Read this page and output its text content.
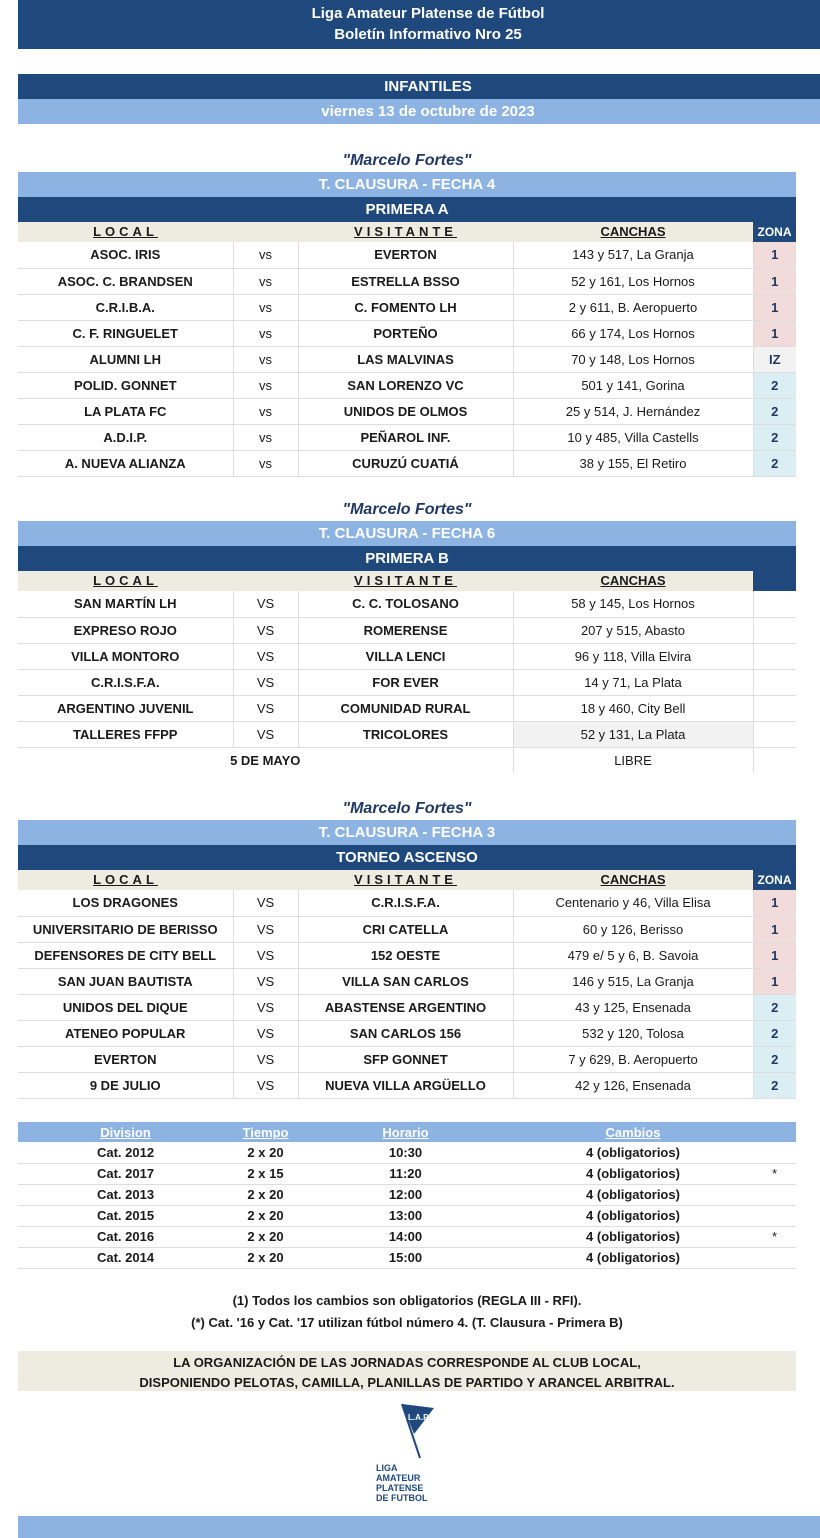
Liga Amateur Platense de Fútbol
Boletín Informativo Nro 25
INFANTILES
viernes 13 de octubre de 2023
"Marcelo Fortes"
T. CLAUSURA - FECHA 4
PRIMERA A
LOCAL		VISITANTE	CANCHAS	ZONA
ASOC. IRIS	vs	EVERTON	143 y 517, La Granja	1
ASOC. C. BRANDSEN	vs	ESTRELLA BSSO	52 y 161, Los Hornos	1
C.R.I.B.A.	vs	C. FOMENTO LH	2 y 611, B. Aeropuerto	1
C. F. RINGUELET	vs	PORTEÑO	66 y 174, Los Hornos	1
ALUMNI LH	vs	LAS MALVINAS	70 y 148, Los Hornos	IZ
POLID. GONNET	vs	SAN LORENZO VC	501 y 141, Gorina	2
LA PLATA FC	vs	UNIDOS DE OLMOS	25 y 514, J. Hernández	2
A.D.I.P.	vs	PEÑAROL INF.	10 y 485, Villa Castells	2
A. NUEVA ALIANZA	vs	CURUZÚ CUATIÁ	38 y 155, El Retiro	2
"Marcelo Fortes"
T. CLAUSURA - FECHA 6
PRIMERA B
LOCAL		VISITANTE	CANCHAS	
SAN MARTÍN LH	VS	C. C. TOLOSANO	58 y 145, Los Hornos	
EXPRESO ROJO	VS	ROMERENSE	207 y 515, Abasto	
VILLA MONTORO	VS	VILLA LENCI	96 y 118, Villa Elvira	
C.R.I.S.F.A.	VS	FOR EVER	14 y 71, La Plata	
ARGENTINO JUVENIL	VS	COMUNIDAD RURAL	18 y 460, City Bell	
TALLERES FFPP	VS	TRICOLORES	52 y 131, La Plata	
5 DE MAYO			LIBRE	
"Marcelo Fortes"
T. CLAUSURA - FECHA 3
TORNEO ASCENSO
LOCAL		VISITANTE	CANCHAS	ZONA
LOS DRAGONES	VS	C.R.I.S.F.A.	Centenario y 46, Villa Elisa	1
UNIVERSITARIO DE BERISSO	VS	CRI CATELLA	60 y 126, Berisso	1
DEFENSORES DE CITY BELL	VS	152 OESTE	479 e/ 5 y 6, B. Savoia	1
SAN JUAN BAUTISTA	VS	VILLA SAN CARLOS	146 y 515, La Granja	1
UNIDOS DEL DIQUE	VS	ABASTENSE ARGENTINO	43 y 125, Ensenada	2
ATENEO POPULAR	VS	SAN CARLOS 156	532 y 120, Tolosa	2
EVERTON	VS	SFP GONNET	7 y 629, B. Aeropuerto	2
9 DE JULIO	VS	NUEVA VILLA ARGÜELLO	42 y 126, Ensenada	2
Division	Tiempo	Horario	Cambios	
Cat. 2012	2 x 20	10:30	4 (obligatorios)	
Cat. 2017	2 x 15	11:20	4 (obligatorios)	*
Cat. 2013	2 x 20	12:00	4 (obligatorios)	
Cat. 2015	2 x 20	13:00	4 (obligatorios)	
Cat. 2016	2 x 20	14:00	4 (obligatorios)	*
Cat. 2014	2 x 20	15:00	4 (obligatorios)	
(1) Todos los cambios son obligatorios (REGLA III - RFI).
(*) Cat. '16 y Cat. '17 utilizan fútbol número 4. (T. Clausura - Primera B)
LA ORGANIZACIÓN DE LAS JORNADAS CORRESPONDE AL CLUB LOCAL,
DISPONIENDO PELOTAS, CAMILLA, PLANILLAS DE PARTIDO Y ARANCEL ARBITRAL.
L.A.P
LIGA
AMATEUR
PLATENSE
DE FUTBOL
